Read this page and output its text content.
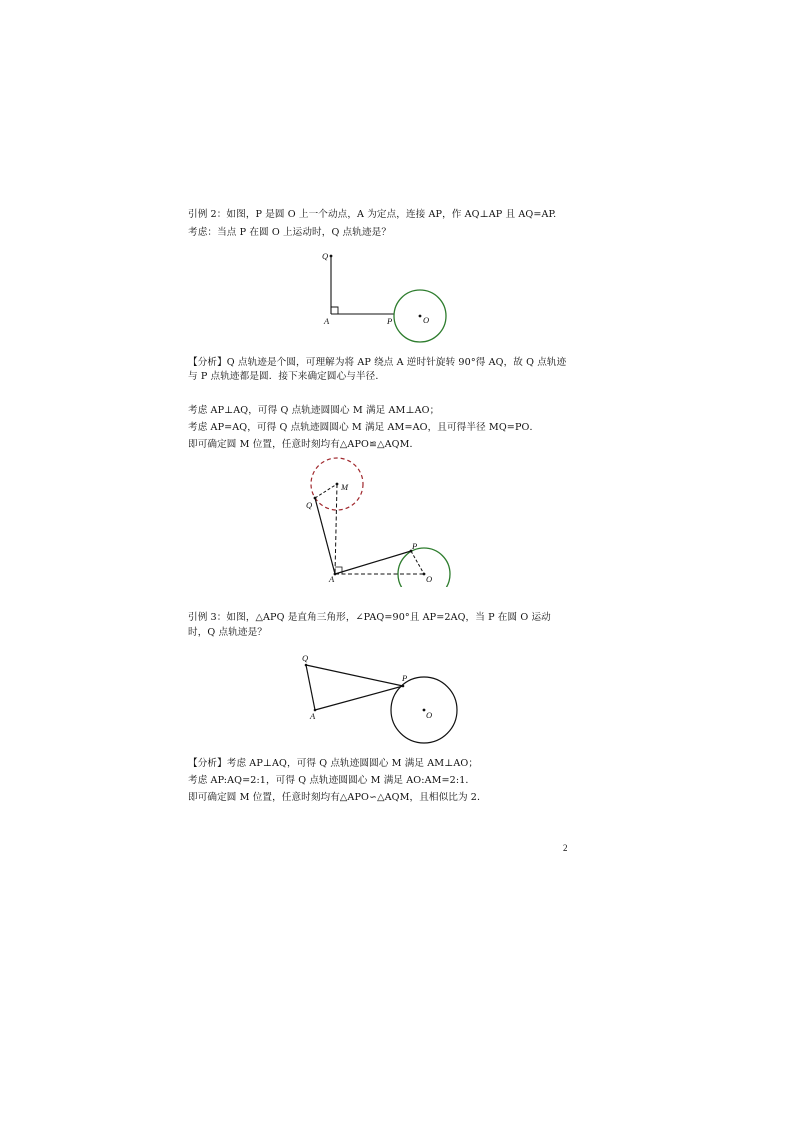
引例 2：如图，P 是圆 O 上一个动点，A 为定点，连接 AP，作 AQ⊥AP 且 AQ=AP.
考虑：当点 P 在圆 O 上运动时，Q 点轨迹是？
Q
A	P	O
【分析】Q 点轨迹是个圆，可理解为将 AP 绕点 A 逆时针旋转 90°得 AQ，故 Q 点轨迹与 P 点轨迹都是圆．接下来确定圆心与半径．
考虑 AP⊥AQ，可得 Q 点轨迹圆圆心 M 满足 AM⊥AO；
考虑 AP=AQ，可得 Q 点轨迹圆圆心 M 满足 AM=AO，且可得半径 MQ=PO．
即可确定圆 M 位置，任意时刻均有△APO≌△AQM．
M
Q
P
A	O
引例 3：如图，△APQ 是直角三角形，∠PAQ=90°且 AP=2AQ，当 P 在圆 O 运动时，Q 点轨迹是？
Q
P
A	O
【分析】考虑 AP⊥AQ，可得 Q 点轨迹圆圆心 M 满足 AM⊥AO；
考虑 AP:AQ=2:1，可得 Q 点轨迹圆圆心 M 满足 AO:AM=2:1．
即可确定圆 M 位置，任意时刻均有△APO∽△AQM，且相似比为 2．
2
